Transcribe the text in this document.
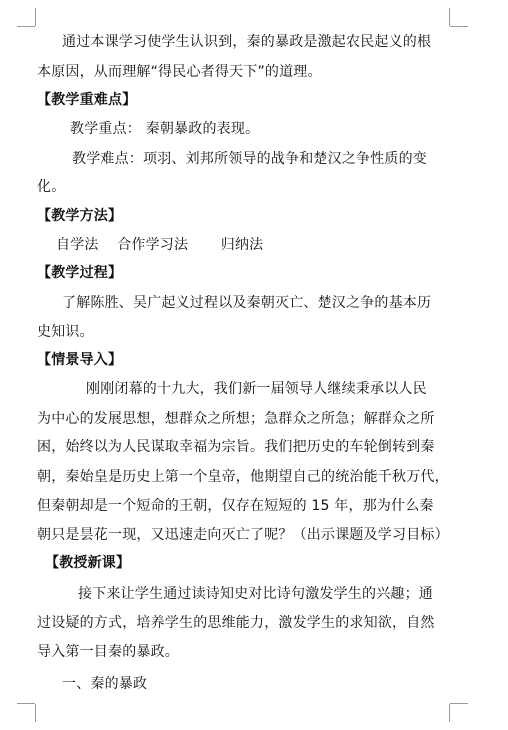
通过本课学习使学生认识到，秦的暴政是激起农民起义的根
本原因，从而理解“得民心者得天下”的道理。
【教学重难点】
教学重点： 秦朝暴政的表现。
教学难点：项羽、刘邦所领导的战争和楚汉之争性质的变
化。
【教学方法】
自学法    合作学习法       归纳法
【教学过程】
了解陈胜、吴广起义过程以及秦朝灭亡、楚汉之争的基本历
史知识。
【情景导入】
刚刚闭幕的十九大，我们新一届领导人继续秉承以人民
为中心的发展思想，想群众之所想；急群众之所急；解群众之所
困，始终以为人民谋取幸福为宗旨。我们把历史的车轮倒转到秦
朝，秦始皇是历史上第一个皇帝，他期望自己的统治能千秋万代，
但秦朝却是一个短命的王朝，仅存在短短的 15 年，那为什么秦
朝只是昙花一现，又迅速走向灭亡了呢？（出示课题及学习目标）
【教授新课】
接下来让学生通过读诗知史对比诗句激发学生的兴趣；通
过设疑的方式，培养学生的思维能力，激发学生的求知欲，自然
导入第一目秦的暴政。
一、秦的暴政
